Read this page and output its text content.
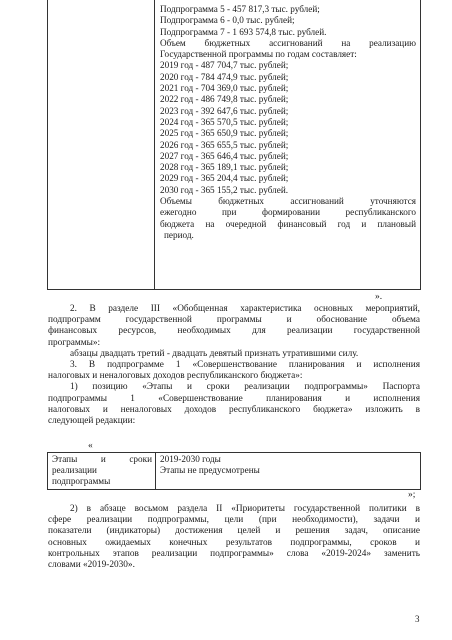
Подпрограмма 5 - 457 817,3 тыс. рублей;
Подпрограмма 6 - 0,0 тыс. рублей;
Подпрограмма 7 - 1 693 574,8 тыс. рублей.
Объем бюджетных ассигнований на реализацию
Государственной программы по годам составляет:
2019 год - 487 704,7 тыс. рублей;
2020 год - 784 474,9 тыс. рублей;
2021 год - 704 369,0 тыс. рублей;
2022 год - 486 749,8 тыс. рублей;
2023 год - 392 647,6 тыс. рублей;
2024 год - 365 570,5 тыс. рублей;
2025 год - 365 650,9 тыс. рублей;
2026 год - 365 655,5 тыс. рублей;
2027 год - 365 646,4 тыс. рублей;
2028 год - 365 189,1 тыс. рублей;
2029 год - 365 204,4 тыс. рублей;
2030 год - 365 155,2 тыс. рублей.
Объемы бюджетных ассигнований уточняются
ежегодно при формировании республиканского
бюджета на очередной финансовый год и плановый
период.
».
2. В разделе III «Обобщенная характеристика основных мероприятий,
подпрограмм государственной программы и обоснование объема
финансовых ресурсов, необходимых для реализации государственной
программы»:
абзацы двадцать третий - двадцать девятый признать утратившими силу.
3. В подпрограмме 1 «Совершенствование планирования и исполнения
налоговых и неналоговых доходов республиканского бюджета»:
1) позицию «Этапы и сроки реализации подпрограммы» Паспорта
подпрограммы 1 «Совершенствование планирования и исполнения
налоговых и неналоговых доходов республиканского бюджета» изложить в
следующей редакции:
«
Этапы и сроки
реализации
подпрограммы
2019-2030 годы
Этапы не предусмотрены
»;
2) в абзаце восьмом раздела II «Приоритеты государственной политики в
сфере реализации подпрограммы, цели (при необходимости), задачи и
показатели (индикаторы) достижения целей и решения задач, описание
основных ожидаемых конечных результатов подпрограммы, сроков и
контрольных этапов реализации подпрограммы» слова «2019-2024» заменить
словами «2019-2030».
3
